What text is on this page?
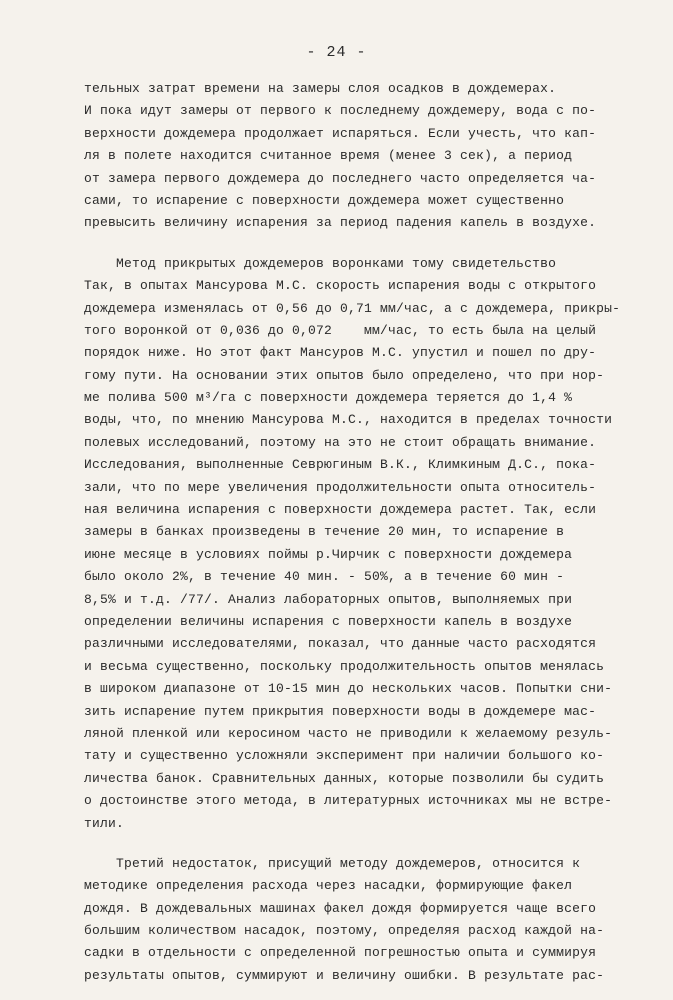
- 24 -
тельных затрат времени на замеры слоя осадков в дождемерах.
И пока идут замеры от первого к последнему дождемеру, вода с по-
верхности дождемера продолжает испаряться. Если учесть, что кап-
ля в полете находится считанное время (менее 3 сек), а период
от замера первого дождемера до последнего часто определяется ча-
сами, то испарение с поверхности дождемера может существенно
превысить величину испарения за период падения капель в воздухе.
Метод прикрытых дождемеров воронками тому свидетельство
Так, в опытах Мансурова М.С. скорость испарения воды с открытого
дождемера изменялась от 0,56 до 0,71 мм/час, а с дождемера, прикры-
того воронкой от 0,036 до 0,072    мм/час, то есть была на целый
порядок ниже. Но этот факт Мансуров М.С. упустил и пошел по дру-
гому пути. На основании этих опытов было определено, что при нор-
ме полива 500 м³/га с поверхности дождемера теряется до 1,4 %
воды, что, по мнению Мансурова М.С., находится в пределах точности
полевых исследований, поэтому на это не стоит обращать внимание.
Исследования, выполненные Севрюгиным В.К., Климкиным Д.С., пока-
зали, что по мере увеличения продолжительности опыта относитель-
ная величина испарения с поверхности дождемера растет. Так, если
замеры в банках произведены в течение 20 мин, то испарение в
июне месяце в условиях поймы р.Чирчик с поверхности дождемера
было около 2%, в течение 40 мин. - 50%, а в течение 60 мин -
8,5% и т.д. /77/. Анализ лабораторных опытов, выполняемых при
определении величины испарения с поверхности капель в воздухе
различными исследователями, показал, что данные часто расходятся
и весьма существенно, поскольку продолжительность опытов менялась
в широком диапазоне от 10-15 мин до нескольких часов. Попытки сни-
зить испарение путем прикрытия поверхности воды в дождемере мас-
ляной пленкой или керосином часто не приводили к желаемому резуль-
тату и существенно усложняли эксперимент при наличии большого ко-
личества банок. Сравнительных данных, которые позволили бы судить
о достоинстве этого метода, в литературных источниках мы не встре-
тили.
Третий недостаток, присущий методу дождемеров, относится к
методике определения расхода через насадки, формирующие факел
дождя. В дождевальных машинах факел дождя формируется чаще всего
большим количеством насадок, поэтому, определяя расход каждой на-
садки в отдельности с определенной погрешностью опыта и суммируя
результаты опытов, суммируют и величину ошибки. В результате рас-
